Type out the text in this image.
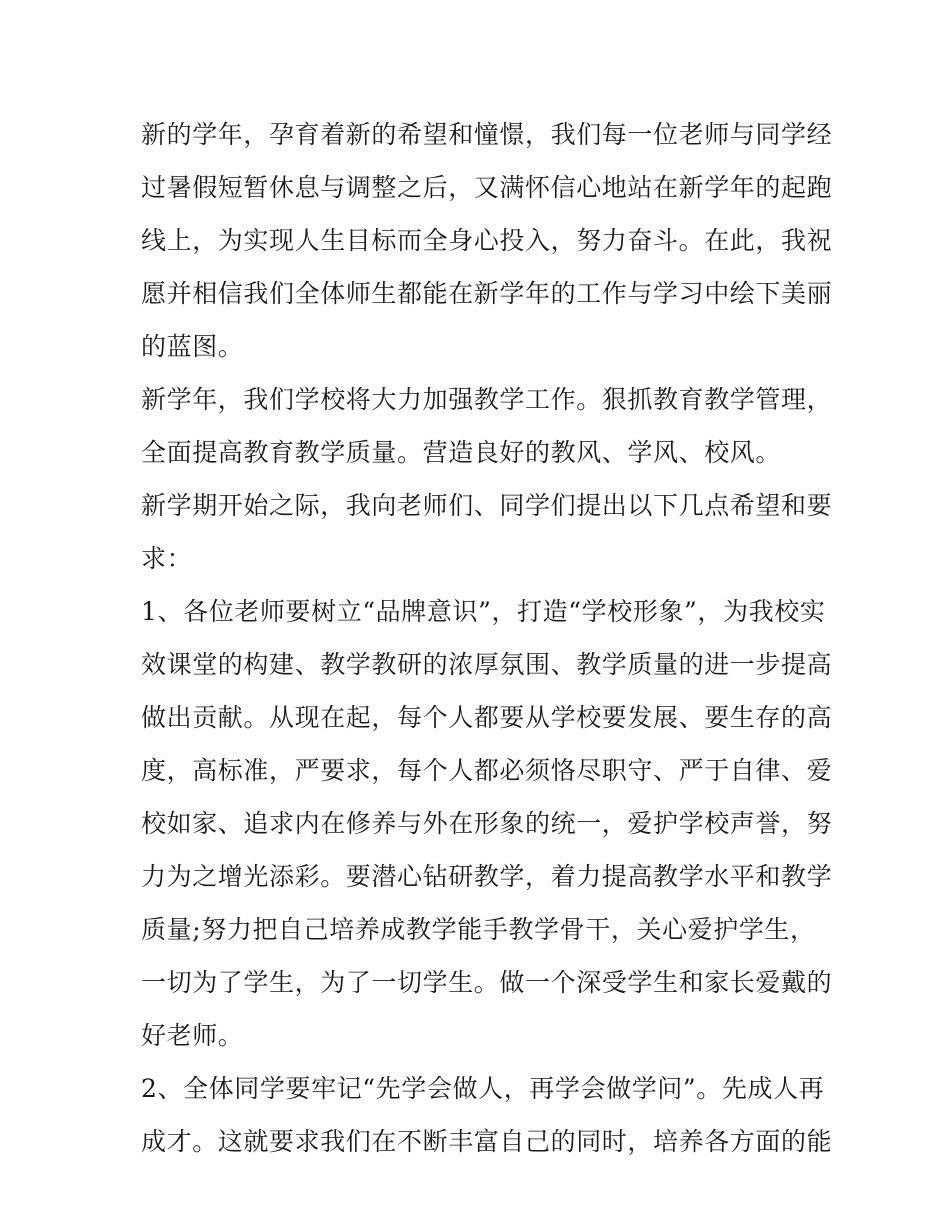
新的学年，孕育着新的希望和憧憬，我们每一位老师与同学经
过暑假短暂休息与调整之后，又满怀信心地站在新学年的起跑
线上，为实现人生目标而全身心投入，努力奋斗。在此，我祝
愿并相信我们全体师生都能在新学年的工作与学习中绘下美丽
的蓝图。
新学年，我们学校将大力加强教学工作。狠抓教育教学管理，
全面提高教育教学质量。营造良好的教风、学风、校风。
新学期开始之际，我向老师们、同学们提出以下几点希望和要
求：
1、各位老师要树立“品牌意识”，打造“学校形象”，为我校实
效课堂的构建、教学教研的浓厚氛围、教学质量的进一步提高
做出贡献。从现在起，每个人都要从学校要发展、要生存的高
度，高标准，严要求，每个人都必须恪尽职守、严于自律、爱
校如家、追求内在修养与外在形象的统一，爱护学校声誉，努
力为之增光添彩。要潜心钻研教学，着力提高教学水平和教学
质量;努力把自己培养成教学能手教学骨干，关心爱护学生，
一切为了学生，为了一切学生。做一个深受学生和家长爱戴的
好老师。
2、全体同学要牢记“先学会做人，再学会做学问”。先成人再
成才。这就要求我们在不断丰富自己的同时，培养各方面的能
